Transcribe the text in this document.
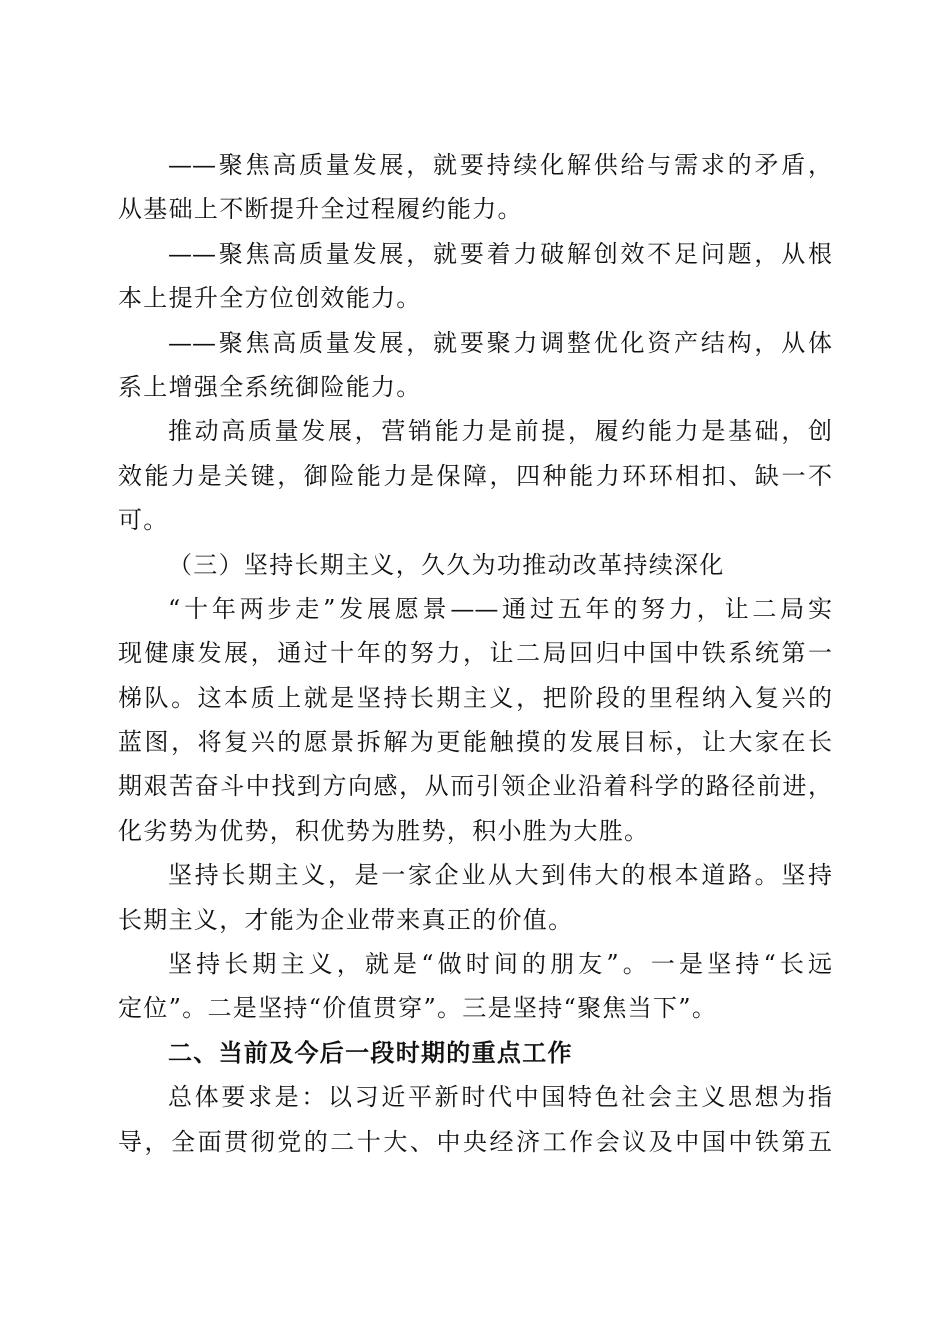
——聚焦高质量发展，就要持续化解供给与需求的矛盾，
从基础上不断提升全过程履约能力。
——聚焦高质量发展，就要着力破解创效不足问题，从根
本上提升全方位创效能力。
——聚焦高质量发展，就要聚力调整优化资产结构，从体
系上增强全系统御险能力。
推动高质量发展，营销能力是前提，履约能力是基础，创
效能力是关键，御险能力是保障，四种能力环环相扣、缺一不
可。
（三）坚持长期主义，久久为功推动改革持续深化
“十年两步走”发展愿景——通过五年的努力，让二局实
现健康发展，通过十年的努力，让二局回归中国中铁系统第一
梯队。这本质上就是坚持长期主义，把阶段的里程纳入复兴的
蓝图，将复兴的愿景拆解为更能触摸的发展目标，让大家在长
期艰苦奋斗中找到方向感，从而引领企业沿着科学的路径前进，
化劣势为优势，积优势为胜势，积小胜为大胜。
坚持长期主义，是一家企业从大到伟大的根本道路。坚持
长期主义，才能为企业带来真正的价值。
坚持长期主义，就是“做时间的朋友”。一是坚持“长远
定位”。二是坚持“价值贯穿”。三是坚持“聚焦当下”。
二、当前及今后一段时期的重点工作
总体要求是：以习近平新时代中国特色社会主义思想为指
导，全面贯彻党的二十大、中央经济工作会议及中国中铁第五
